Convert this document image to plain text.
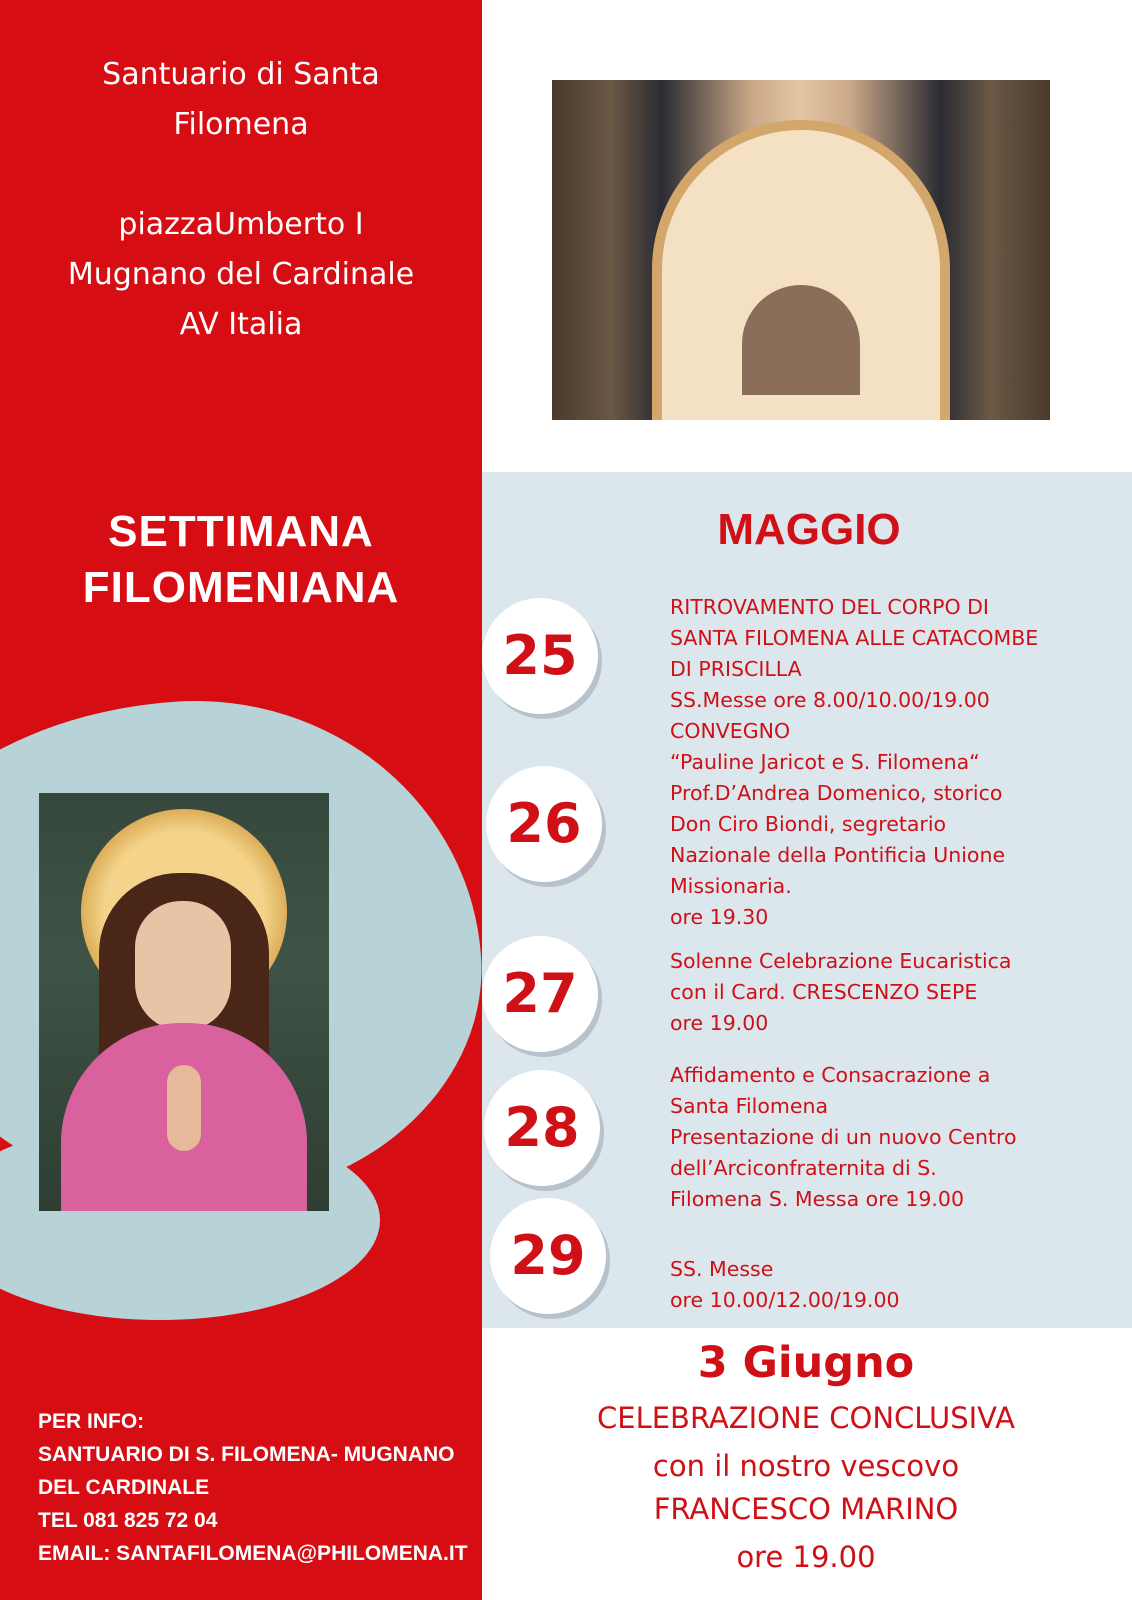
Santuario di Santa
Filomena
piazzaUmberto I
Mugnano del Cardinale
AV Italia
SETTIMANA
FILOMENIANA
PER INFO:
SANTUARIO DI S. FILOMENA- MUGNANO
DEL CARDINALE
TEL 081 825 72 04
EMAIL: SANTAFILOMENA@PHILOMENA.IT
MAGGIO
25
RITROVAMENTO DEL CORPO DI
SANTA FILOMENA ALLE CATACOMBE
DI PRISCILLA
SS.Messe ore 8.00/10.00/19.00
26
CONVEGNO
“Pauline Jaricot e S. Filomena“
Prof.D’Andrea Domenico, storico
Don Ciro Biondi, segretario
Nazionale della Pontificia Unione
Missionaria.
ore 19.30
27
Solenne Celebrazione Eucaristica
con il Card. CRESCENZO SEPE
ore 19.00
28
Affidamento e Consacrazione a
Santa Filomena
Presentazione di un nuovo Centro
dell’Arciconfraternita di S.
Filomena S. Messa ore 19.00
29	SS. Messe
ore 10.00/12.00/19.00
3 Giugno
CELEBRAZIONE CONCLUSIVA
con il nostro vescovo
FRANCESCO MARINO
ore 19.00
